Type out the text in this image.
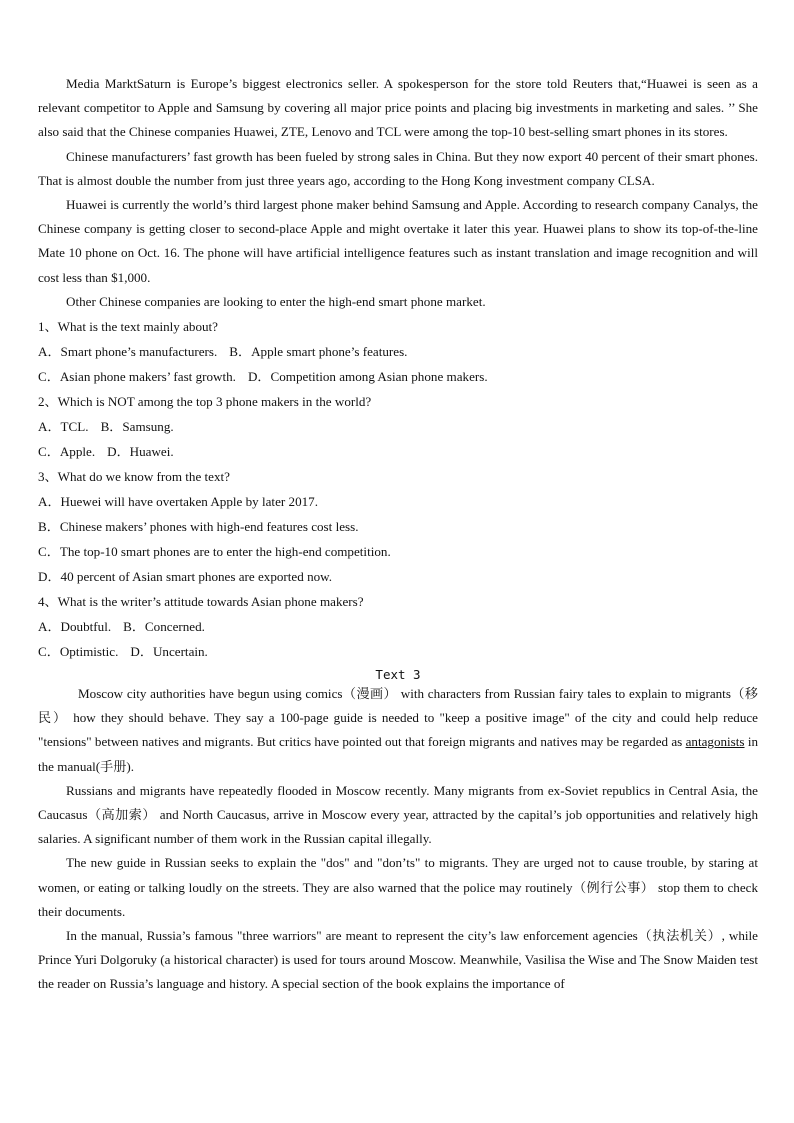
Media MarktSaturn is Europe’s biggest electronics seller. A spokesperson for the store told Reuters that,“Huawei is seen as a relevant competitor to Apple and Samsung by covering all major price points and placing big investments in marketing and sales. ’’ She also said that the Chinese companies Huawei, ZTE, Lenovo and TCL were among the top-10 best-selling smart phones in its stores.

Chinese manufacturers’ fast growth has been fueled by strong sales in China. But they now export 40 percent of their smart phones. That is almost double the number from just three years ago, according to the Hong Kong investment company CLSA.

Huawei is currently the world’s third largest phone maker behind Samsung and Apple. According to research company Canalys, the Chinese company is getting closer to second-place Apple and might overtake it later this year. Huawei plans to show its top-of-the-line Mate 10 phone on Oct. 16. The phone will have artificial intelligence features such as instant translation and image recognition and will cost less than $1,000.

Other Chinese companies are looking to enter the high-end smart phone market.

1、What is the text mainly about?

A．Smart phone’s manufacturers. B．Apple smart phone’s features.

C．Asian phone makers’ fast growth. D．Competition among Asian phone makers.

2、Which is NOT among the top 3 phone makers in the world?

A．TCL. B．Samsung.

C．Apple. D．Huawei.

3、What do we know from the text?

A．Huewei will have overtaken Apple by later 2017.

B．Chinese makers’ phones with high-end features cost less.

C．The top-10 smart phones are to enter the high-end competition.

D．40 percent of Asian smart phones are exported now.

4、What is the writer’s attitude towards Asian phone makers?

A．Doubtful. B．Concerned.

C．Optimistic. D．Uncertain.

Text 3

Moscow city authorities have begun using comics（漫画） with characters from Russian fairy tales to explain to migrants（移民） how they should behave. They say a 100-page guide is needed to "keep a positive image" of the city and could help reduce "tensions" between natives and migrants. But critics have pointed out that foreign migrants and natives may be regarded as antagonists in the manual(手册).

Russians and migrants have repeatedly flooded in Moscow recently. Many migrants from ex-Soviet republics in Central Asia, the Caucasus（高加索） and North Caucasus, arrive in Moscow every year, attracted by the capital’s job opportunities and relatively high salaries. A significant number of them work in the Russian capital illegally.

The new guide in Russian seeks to explain the "dos" and "don’ts" to migrants. They are urged not to cause trouble, by staring at women, or eating or talking loudly on the streets. They are also warned that the police may routinely（例行公事） stop them to check their documents.

In the manual, Russia’s famous "three warriors" are meant to represent the city’s law enforcement agencies（执法机关）, while Prince Yuri Dolgoruky (a historical character) is used for tours around Moscow. Meanwhile, Vasilisa the Wise and The Snow Maiden test the reader on Russia’s language and history. A special section of the book explains the importance of
